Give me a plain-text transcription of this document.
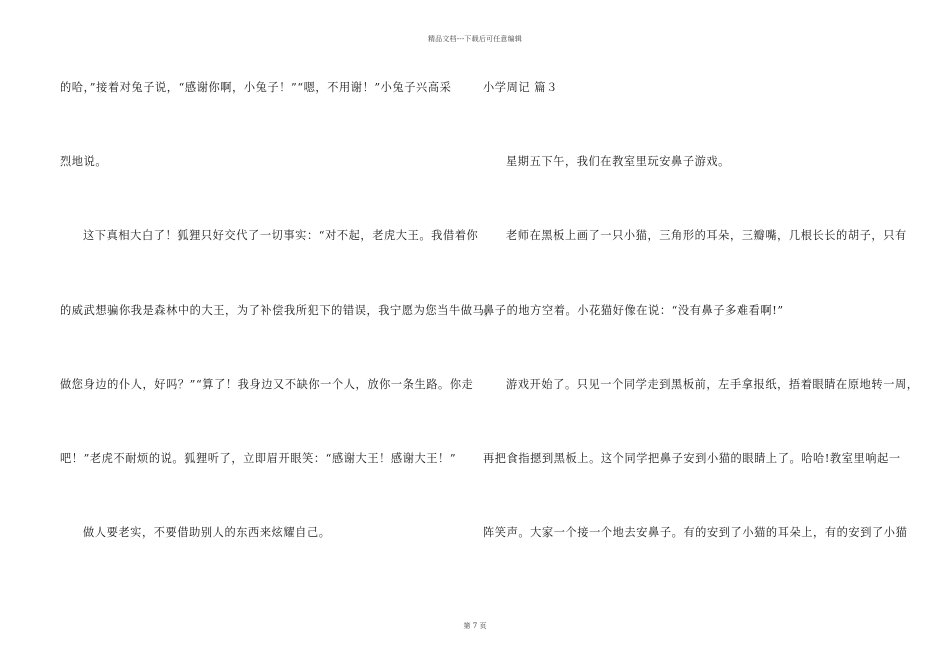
精品文档---下载后可任意编辑
的哈，”接着对兔子说，“感谢你啊，小兔子！”“嗯，不用谢！”小兔子兴高采
烈地说。
这下真相大白了！狐狸只好交代了一切事实：“对不起，老虎大王。我借着你
的威武想骗你我是森林中的大王，为了补偿我所犯下的错误，我宁愿为您当牛做马，
做您身边的仆人，好吗？”“算了！我身边又不缺你一个人，放你一条生路。你走
吧！”老虎不耐烦的说。狐狸听了，立即眉开眼笑：“感谢大王！感谢大王！”
做人要老实，不要借助别人的东西来炫耀自己。
小学周记 篇３
星期五下午，我们在教室里玩安鼻子游戏。
老师在黑板上画了一只小猫，三角形的耳朵，三瓣嘴，几根长长的胡子，只有
鼻子的地方空着。小花猫好像在说：“没有鼻子多难看啊!”
游戏开始了。只见一个同学走到黑板前，左手拿报纸，捂着眼睛在原地转一周，
再把食指摁到黑板上。这个同学把鼻子安到小猫的眼睛上了。哈哈!教室里响起一
阵笑声。大家一个接一个地去安鼻子。有的安到了小猫的耳朵上，有的安到了小猫
第 7 页
